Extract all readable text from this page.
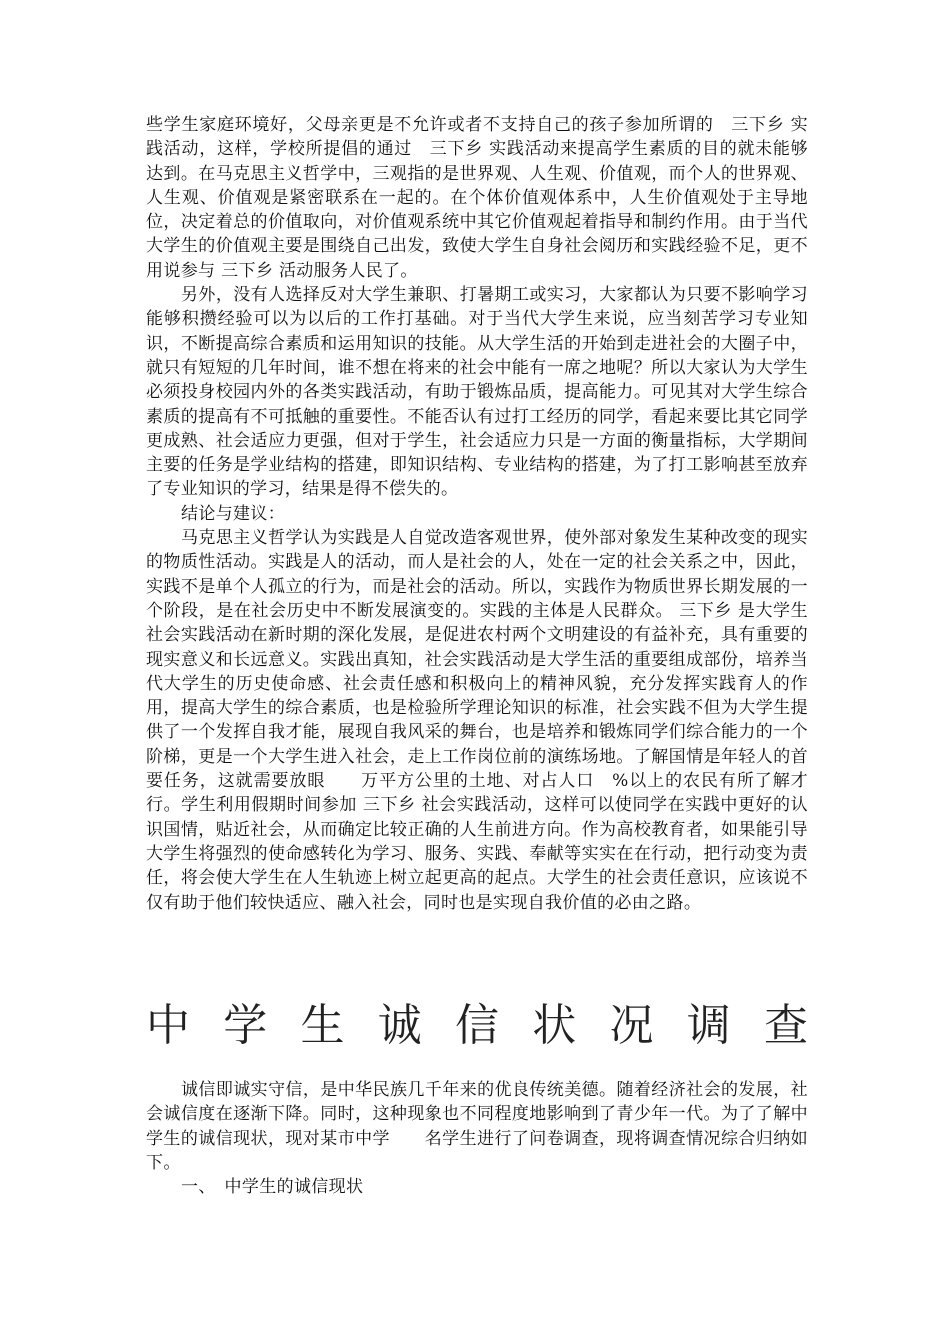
些学生家庭环境好，父母亲更是不允许或者不支持自己的孩子参加所谓的　三下乡 实践活动，这样，学校所提倡的通过　三下乡 实践活动来提高学生素质的目的就未能够达到。在马克思主义哲学中，三观指的是世界观、人生观、价值观，而个人的世界观、人生观、价值观是紧密联系在一起的。在个体价值观体系中，人生价值观处于主导地位，决定着总的价值取向，对价值观系统中其它价值观起着指导和制约作用。由于当代大学生的价值观主要是围绕自己出发，致使大学生自身社会阅历和实践经验不足，更不用说参与 三下乡 活动服务人民了。

另外，没有人选择反对大学生兼职、打暑期工或实习，大家都认为只要不影响学习能够积攒经验可以为以后的工作打基础。对于当代大学生来说，应当刻苦学习专业知识，不断提高综合素质和运用知识的技能。从大学生活的开始到走进社会的大圈子中，就只有短短的几年时间，谁不想在将来的社会中能有一席之地呢？所以大家认为大学生必须投身校园内外的各类实践活动，有助于锻炼品质，提高能力。可见其对大学生综合素质的提高有不可抵触的重要性。不能否认有过打工经历的同学，看起来要比其它同学更成熟、社会适应力更强，但对于学生，社会适应力只是一方面的衡量指标，大学期间主要的任务是学业结构的搭建，即知识结构、专业结构的搭建，为了打工影响甚至放弃了专业知识的学习，结果是得不偿失的。

结论与建议：

马克思主义哲学认为实践是人自觉改造客观世界，使外部对象发生某种改变的现实的物质性活动。实践是人的活动，而人是社会的人，处在一定的社会关系之中，因此，实践不是单个人孤立的行为，而是社会的活动。所以，实践作为物质世界长期发展的一个阶段，是在社会历史中不断发展演变的。实践的主体是人民群众。 三下乡 是大学生社会实践活动在新时期的深化发展，是促进农村两个文明建设的有益补充，具有重要的现实意义和长远意义。实践出真知，社会实践活动是大学生活的重要组成部份，培养当代大学生的历史使命感、社会责任感和积极向上的精神风貌，充分发挥实践育人的作用，提高大学生的综合素质，也是检验所学理论知识的标准，社会实践不但为大学生提供了一个发挥自我才能，展现自我风采的舞台，也是培养和锻炼同学们综合能力的一个阶梯，更是一个大学生进入社会，走上工作岗位前的演练场地。了解国情是年轻人的首要任务，这就需要放眼　　万平方公里的土地、对占人口　%以上的农民有所了解才行。学生利用假期时间参加 三下乡 社会实践活动，这样可以使同学在实践中更好的认识国情，贴近社会，从而确定比较正确的人生前进方向。作为高校教育者，如果能引导大学生将强烈的使命感转化为学习、服务、实践、奉献等实实在在行动，把行动变为责任，将会使大学生在人生轨迹上树立起更高的起点。大学生的社会责任意识，应该说不仅有助于他们较快适应、融入社会，同时也是实现自我价值的必由之路。

中 学 生 诚 信 状 况 调 查

诚信即诚实守信，是中华民族几千年来的优良传统美德。随着经济社会的发展，社会诚信度在逐渐下降。同时，这种现象也不同程度地影响到了青少年一代。为了了解中学生的诚信现状，现对某市中学　　名学生进行了问卷调查，现将调查情况综合归纳如下。

一、　中学生的诚信现状
